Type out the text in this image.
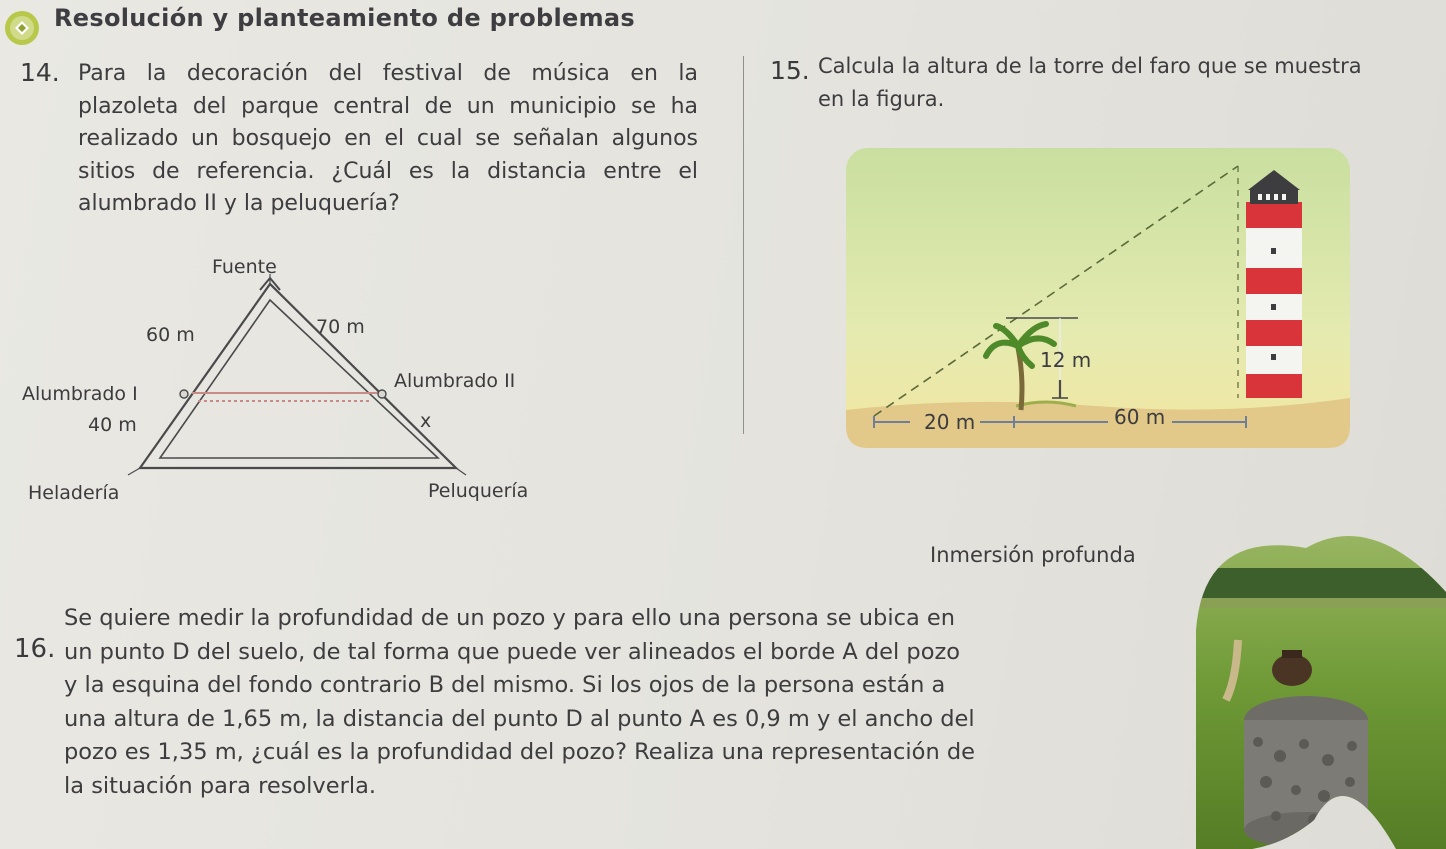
Resolución y planteamiento de problemas
14. Para la decoración del festival de música en la
plazoleta del parque central de un municipio se ha
realizado un bosquejo en el cual se señalan algunos
sitios de referencia. ¿Cuál es la distancia entre el
alumbrado II y la peluquería?
Fuente
60 m	70 m
Alumbrado I
Alumbrado II
40 m	x
Heladería	Peluquería
15. Calcula la altura de la torre del faro que se muestra
en la figura.
12 m
20 m	60 m
Inmersión profunda
16.
Se quiere medir la profundidad de un pozo y para ello una persona se ubica en
un punto D del suelo, de tal forma que puede ver alineados el borde A del pozo
y la esquina del fondo contrario B del mismo. Si los ojos de la persona están a
una altura de 1,65 m, la distancia del punto D al punto A es 0,9 m y el ancho del
pozo es 1,35 m, ¿cuál es la profundidad del pozo? Realiza una representación de
la situación para resolverla.
